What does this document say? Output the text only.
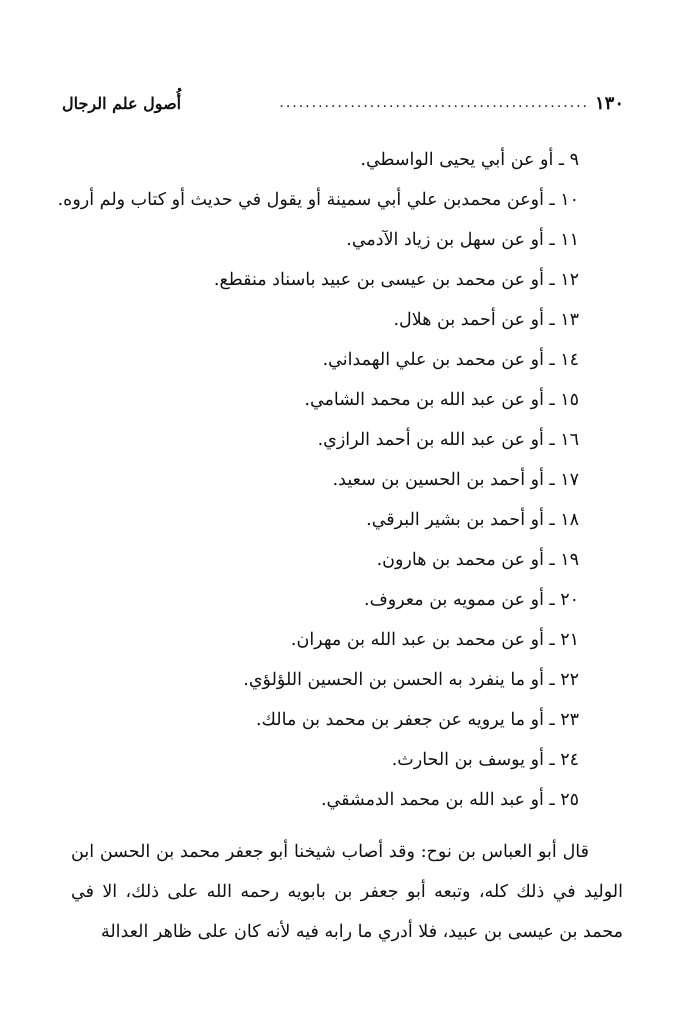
١٣٠
................................................
أُصول علم الرجال
٩ ـ أو عن أبي يحيى الواسطي.
١٠ ـ أوعن محمدبن علي أبي سمينة أو يقول في حديث أو كتاب ولم أروه.
١١ ـ أو عن سهل بن زياد الآدمي.
١٢ ـ أو عن محمد بن عيسى بن عبيد باسناد منقطع.
١٣ ـ أو عن أحمد بن هلال.
١٤ ـ أو عن محمد بن علي الهمداني.
١٥ ـ أو عن عبد الله بن محمد الشامي.
١٦ ـ أو عن عبد الله بن أحمد الرازي.
١٧ ـ أو أحمد بن الحسين بن سعيد.
١٨ ـ أو أحمد بن بشير البرقي.
١٩ ـ أو عن محمد بن هارون.
٢٠ ـ أو عن ممويه بن معروف.
٢١ ـ أو عن محمد بن عبد الله بن مهران.
٢٢ ـ أو ما ينفرد به الحسن بن الحسين اللؤلؤي.
٢٣ ـ أو ما يرويه عن جعفر بن محمد بن مالك.
٢٤ ـ أو يوسف بن الحارث.
٢٥ ـ أو عبد الله بن محمد الدمشقي.

قال أبو العباس بن نوح: وقد أصاب شيخنا أبو جعفر محمد بن الحسن ابن الوليد في ذلك كله، وتبعه أبو جعفر بن بابويه رحمه الله على ذلك، الا في محمد بن عيسى بن عبيد، فلا أدري ما رابه فيه لأنه كان على ظاهر العدالة
